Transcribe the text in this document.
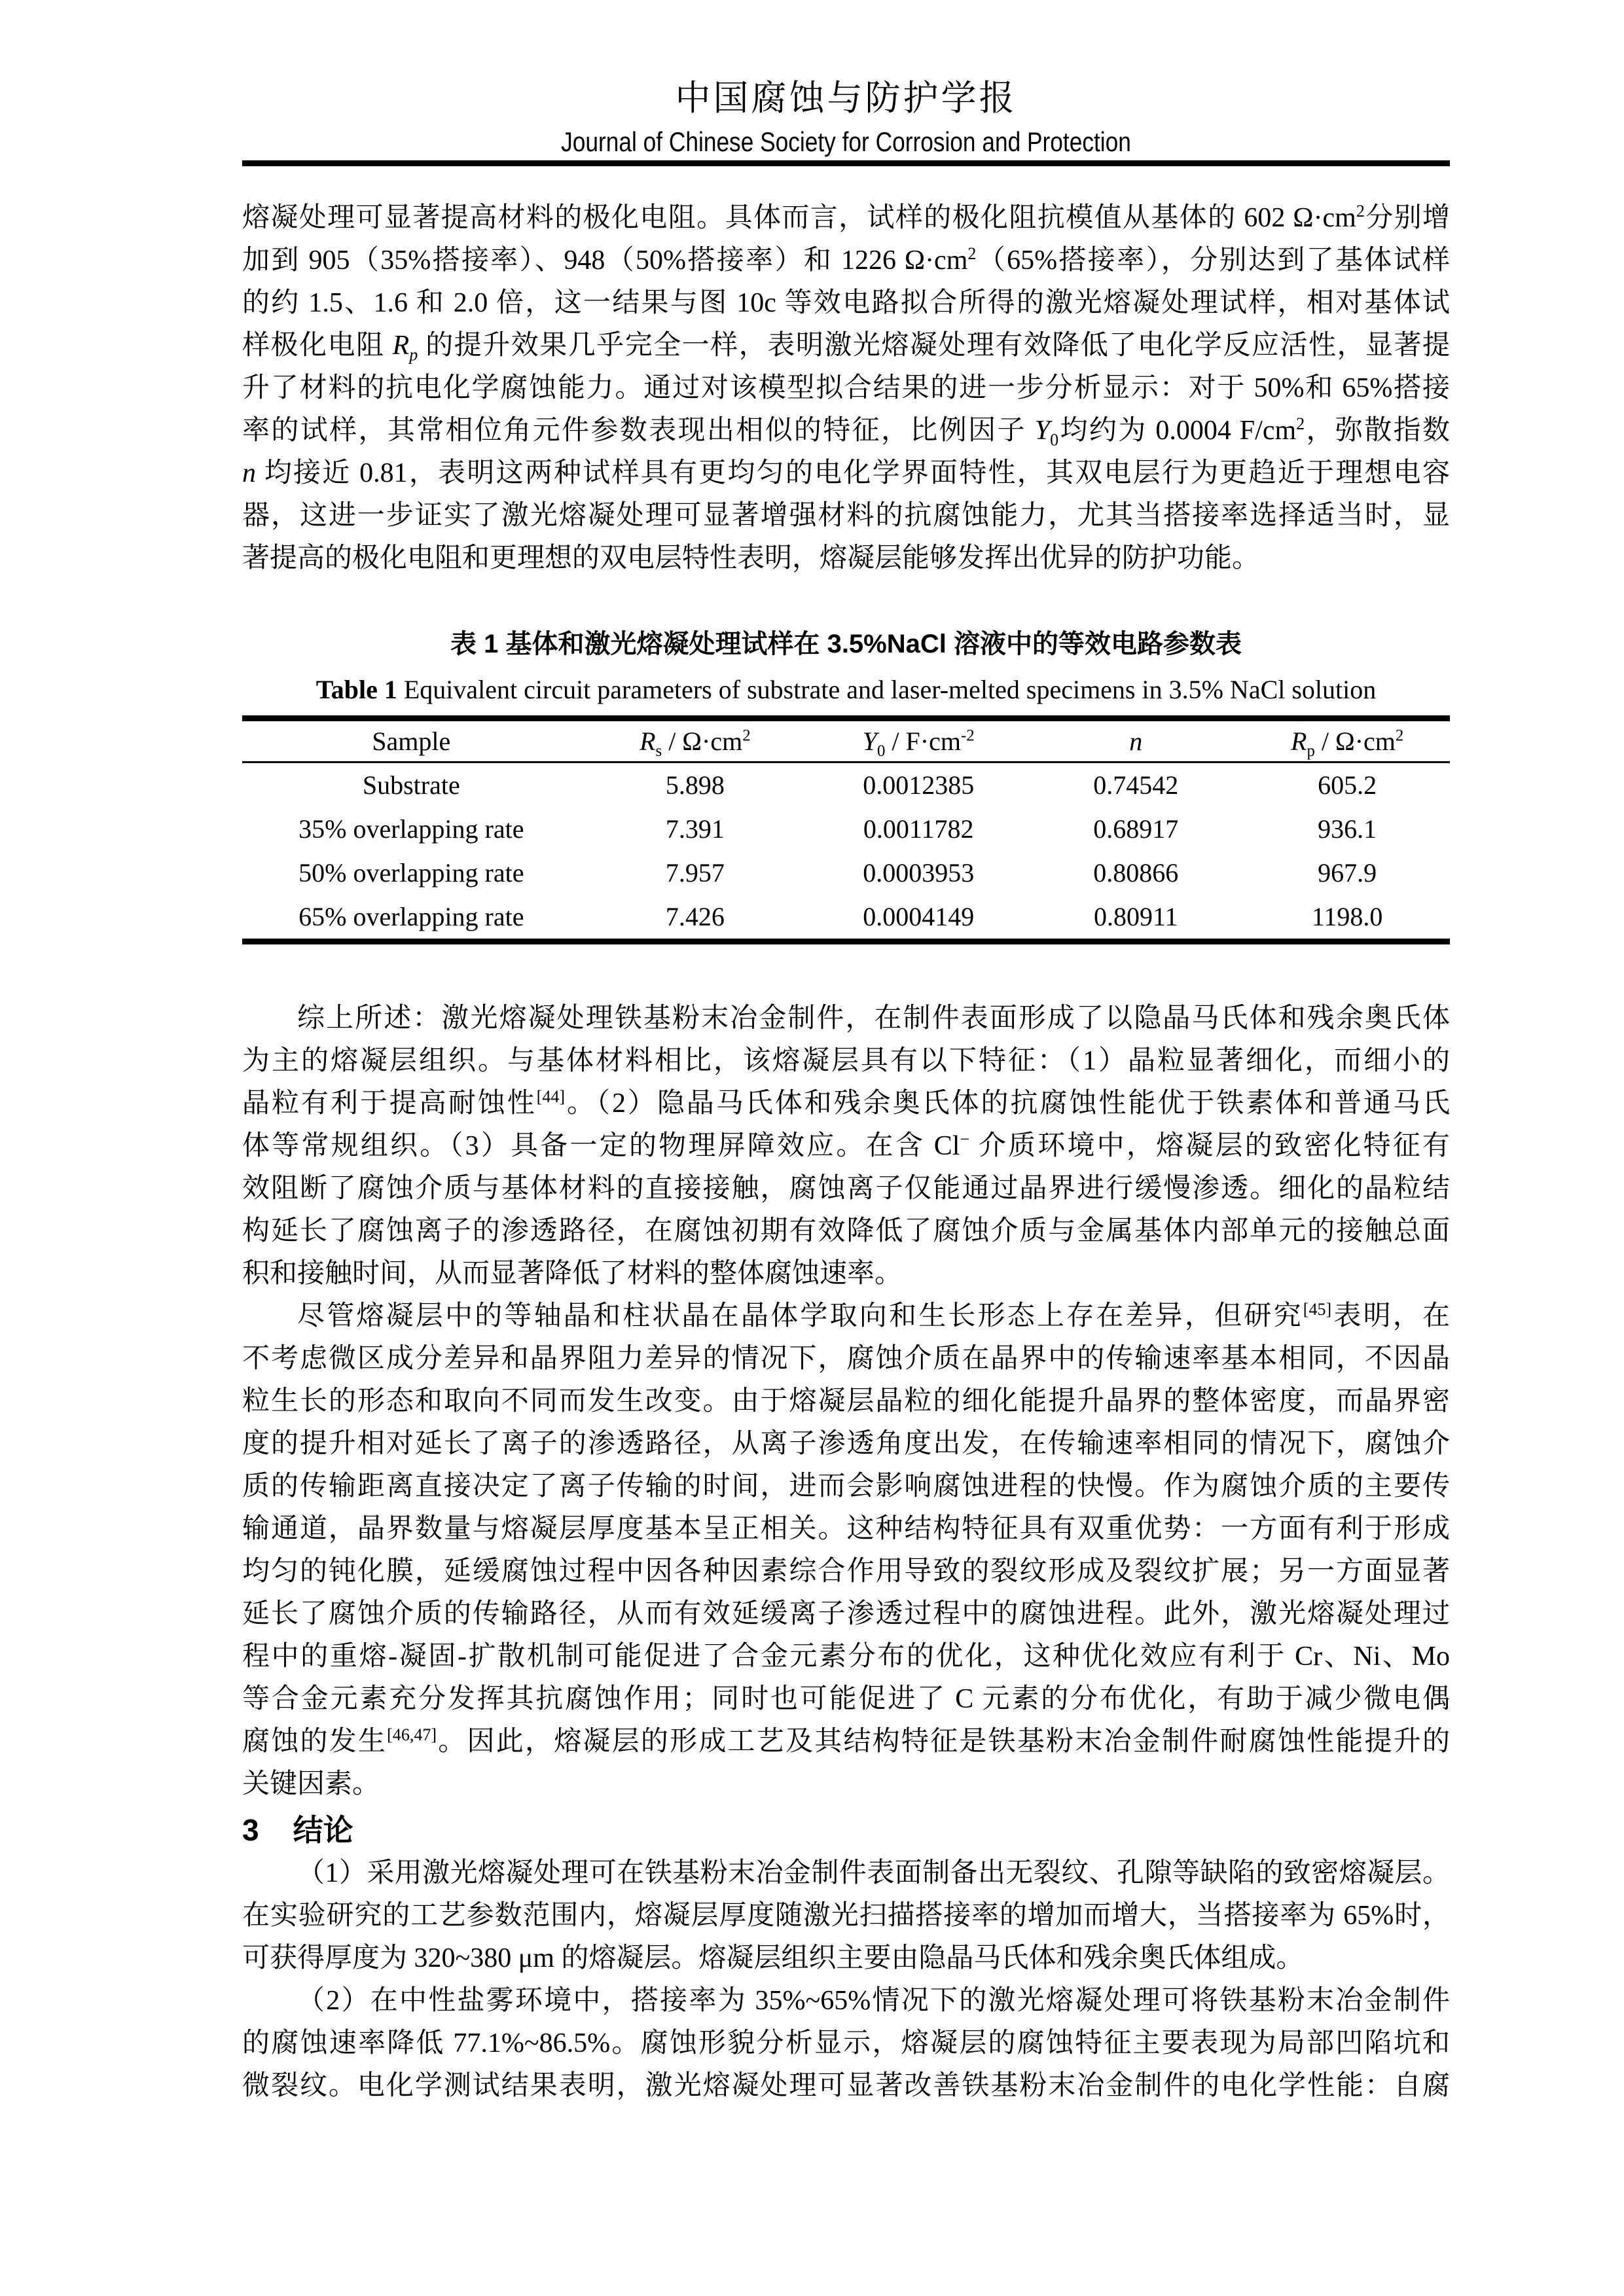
中国腐蚀与防护学报
Journal of Chinese Society for Corrosion and Protection
熔凝处理可显著提高材料的极化电阻。具体而言，试样的极化阻抗模值从基体的 602 $\Omega\cdot cm^2$分别增
加到 905（35%搭接率）、948（50%搭接率）和 1226 $\Omega\cdot cm^2(65\%$搭接率），分别达到了基体试样
的约 1.5、1.6 和 2.0 倍，这一结果与图 10c 等效电路拟合所得的激光熔凝处理试样，相对基体试
样极化电阻 $R_p$ 的提升效果几乎完全一样，表明激光熔凝处理有效降低了电化学反应活性，显著提
升了材料的抗电化学腐蚀能力。通过对该模型拟合结果的进一步分析显示：对于 50%和 65%搭接
率的试样，其常相位角元件参数表现出相似的特征，比例因子 $Y_0$均约为 0.0004 $F/cm^2$，弥散指数
n 均接近 0.81，表明这两种试样具有更均匀的电化学界面特性，其双电层行为更趋近于理想电容
器，这进一步证实了激光熔凝处理可显著增强材料的抗腐蚀能力，尤其当搭接率选择适当时，显
著提高的极化电阻和更理想的双电层特性表明，熔凝层能够发挥出优异的防护功能。
表 1 基体和激光熔凝处理试样在 3.5%NaCl 溶液中的等效电路参数表
Table 1 Equivalent circuit parameters of substrate and laser-melted specimens in 3.5% NaCl solution
Sample	$R_s / \Omega\cdot cm^2$	$Y_0 / F\cdot cm^{-2}$	n	$R_p / \Omega\cdot cm^2$
Substrate	5.898	0.0012385	0.74542	605.2
35% overlapping rate	7.391	0.0011782	0.68917	936.1
50% overlapping rate	7.957	0.0003953	0.80866	967.9
65% overlapping rate	7.426	0.0004149	0.80911	1198.0
综上所述：激光熔凝处理铁基粉末冶金制件，在制件表面形成了以隐晶马氏体和残余奥氏体
为主的熔凝层组织。与基体材料相比，该熔凝层具有以下特征：（1）晶粒显著细化，而细小的
晶粒有利于提高耐蚀性[44]。（2）隐晶马氏体和残余奥氏体的抗腐蚀性能优于铁素体和普通马氏
体等常规组织。（3）具备一定的物理屏障效应。在含 Cl− 介质环境中，熔凝层的致密化特征有
效阻断了腐蚀介质与基体材料的直接接触，腐蚀离子仅能通过晶界进行缓慢渗透。细化的晶粒结
构延长了腐蚀离子的渗透路径，在腐蚀初期有效降低了腐蚀介质与金属基体内部单元的接触总面
积和接触时间，从而显著降低了材料的整体腐蚀速率。
尽管熔凝层中的等轴晶和柱状晶在晶体学取向和生长形态上存在差异，但研究[45]表明，在
不考虑微区成分差异和晶界阻力差异的情况下，腐蚀介质在晶界中的传输速率基本相同，不因晶
粒生长的形态和取向不同而发生改变。由于熔凝层晶粒的细化能提升晶界的整体密度，而晶界密
度的提升相对延长了离子的渗透路径，从离子渗透角度出发，在传输速率相同的情况下，腐蚀介
质的传输距离直接决定了离子传输的时间，进而会影响腐蚀进程的快慢。作为腐蚀介质的主要传
输通道，晶界数量与熔凝层厚度基本呈正相关。这种结构特征具有双重优势：一方面有利于形成
均匀的钝化膜，延缓腐蚀过程中因各种因素综合作用导致的裂纹形成及裂纹扩展；另一方面显著
延长了腐蚀介质的传输路径，从而有效延缓离子渗透过程中的腐蚀进程。此外，激光熔凝处理过
程中的重熔-凝固-扩散机制可能促进了合金元素分布的优化，这种优化效应有利于 Cr、Ni、Mo
等合金元素充分发挥其抗腐蚀作用；同时也可能促进了 C 元素的分布优化，有助于减少微电偶
腐蚀的发生[46,47]。因此，熔凝层的形成工艺及其结构特征是铁基粉末冶金制件耐腐蚀性能提升的
关键因素。
3 结论
（1）采用激光熔凝处理可在铁基粉末冶金制件表面制备出无裂纹、孔隙等缺陷的致密熔凝层。
在实验研究的工艺参数范围内，熔凝层厚度随激光扫描搭接率的增加而增大，当搭接率为 65%时，
可获得厚度为 320~380 μm 的熔凝层。熔凝层组织主要由隐晶马氏体和残余奥氏体组成。
（2）在中性盐雾环境中，搭接率为 35%~65%情况下的激光熔凝处理可将铁基粉末冶金制件
的腐蚀速率降低 77.1%~86.5%。腐蚀形貌分析显示，熔凝层的腐蚀特征主要表现为局部凹陷坑和
微裂纹。电化学测试结果表明，激光熔凝处理可显著改善铁基粉末冶金制件的电化学性能：自腐
